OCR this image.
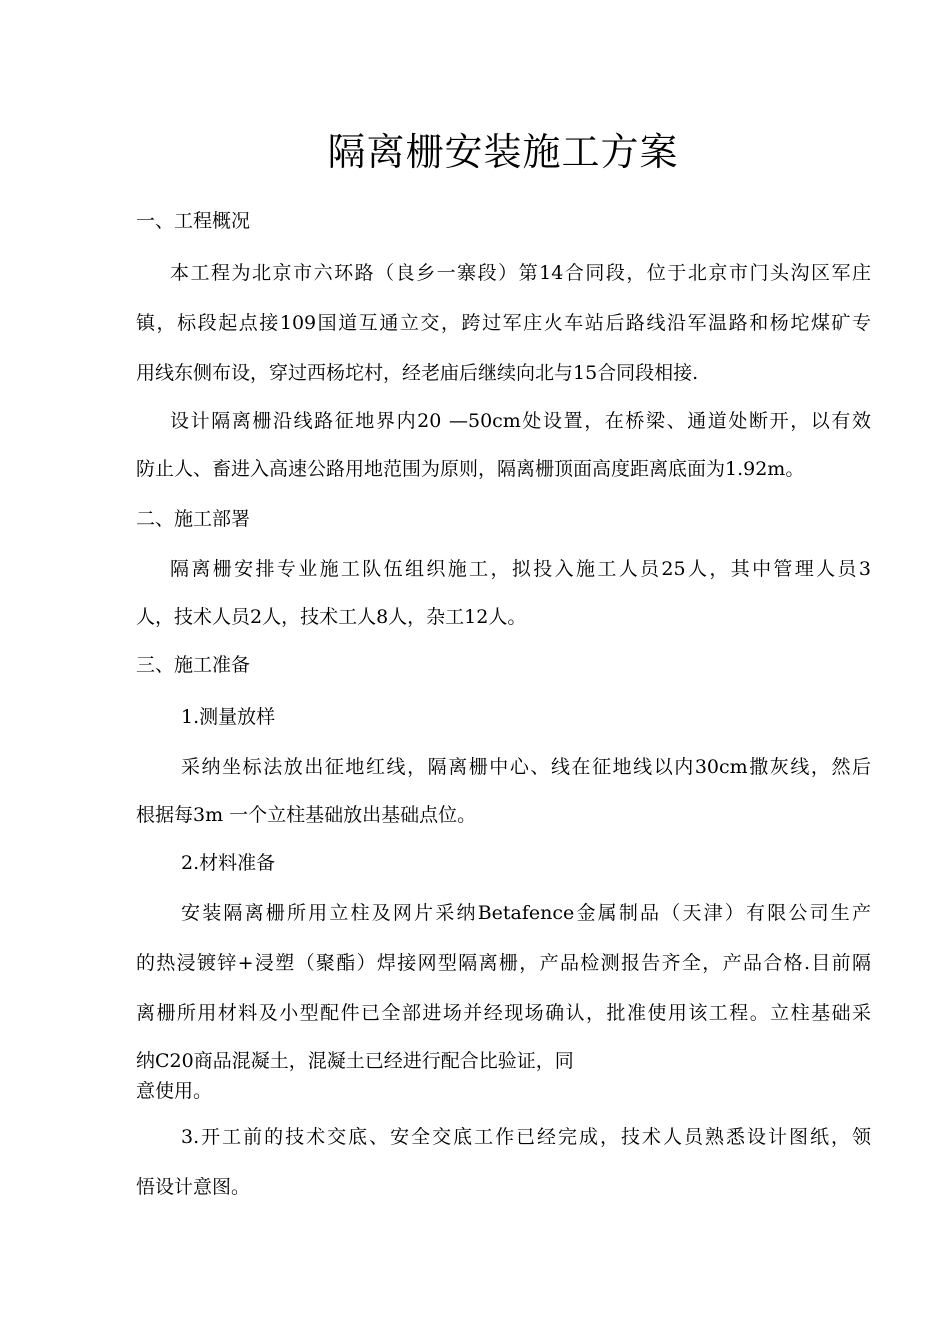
隔离栅安装施工方案
一、工程概况
本工程为北京市六环路（良乡一寨段）第14合同段，位于北京市门头沟区军庄
镇，标段起点接109国道互通立交，跨过军庄火车站后路线沿军温路和杨坨煤矿专
用线东侧布设，穿过西杨坨村，经老庙后继续向北与15合同段相接.
设计隔离栅沿线路征地界内20 —50cm处设置，在桥梁、通道处断开，以有效
防止人、畜进入高速公路用地范围为原则，隔离栅顶面高度距离底面为1.92m。
二、施工部署
隔离栅安排专业施工队伍组织施工，拟投入施工人员25人，其中管理人员3
人，技术人员2人，技术工人8人，杂工12人。
三、施工准备
1.测量放样
采纳坐标法放出征地红线，隔离栅中心、线在征地线以内30cm撒灰线，然后
根据每3m 一个立柱基础放出基础点位。
2.材料准备
安装隔离栅所用立柱及网片采纳Betafence金属制品（天津）有限公司生产
的热浸镀锌+浸塑（聚酯）焊接网型隔离栅，产品检测报告齐全，产品合格.目前隔
离栅所用材料及小型配件已全部进场并经现场确认，批准使用该工程。立柱基础采
纳C20商品混凝土，混凝土已经进行配合比验证，同
意使用。
3.开工前的技术交底、安全交底工作已经完成，技术人员熟悉设计图纸，领
悟设计意图。
